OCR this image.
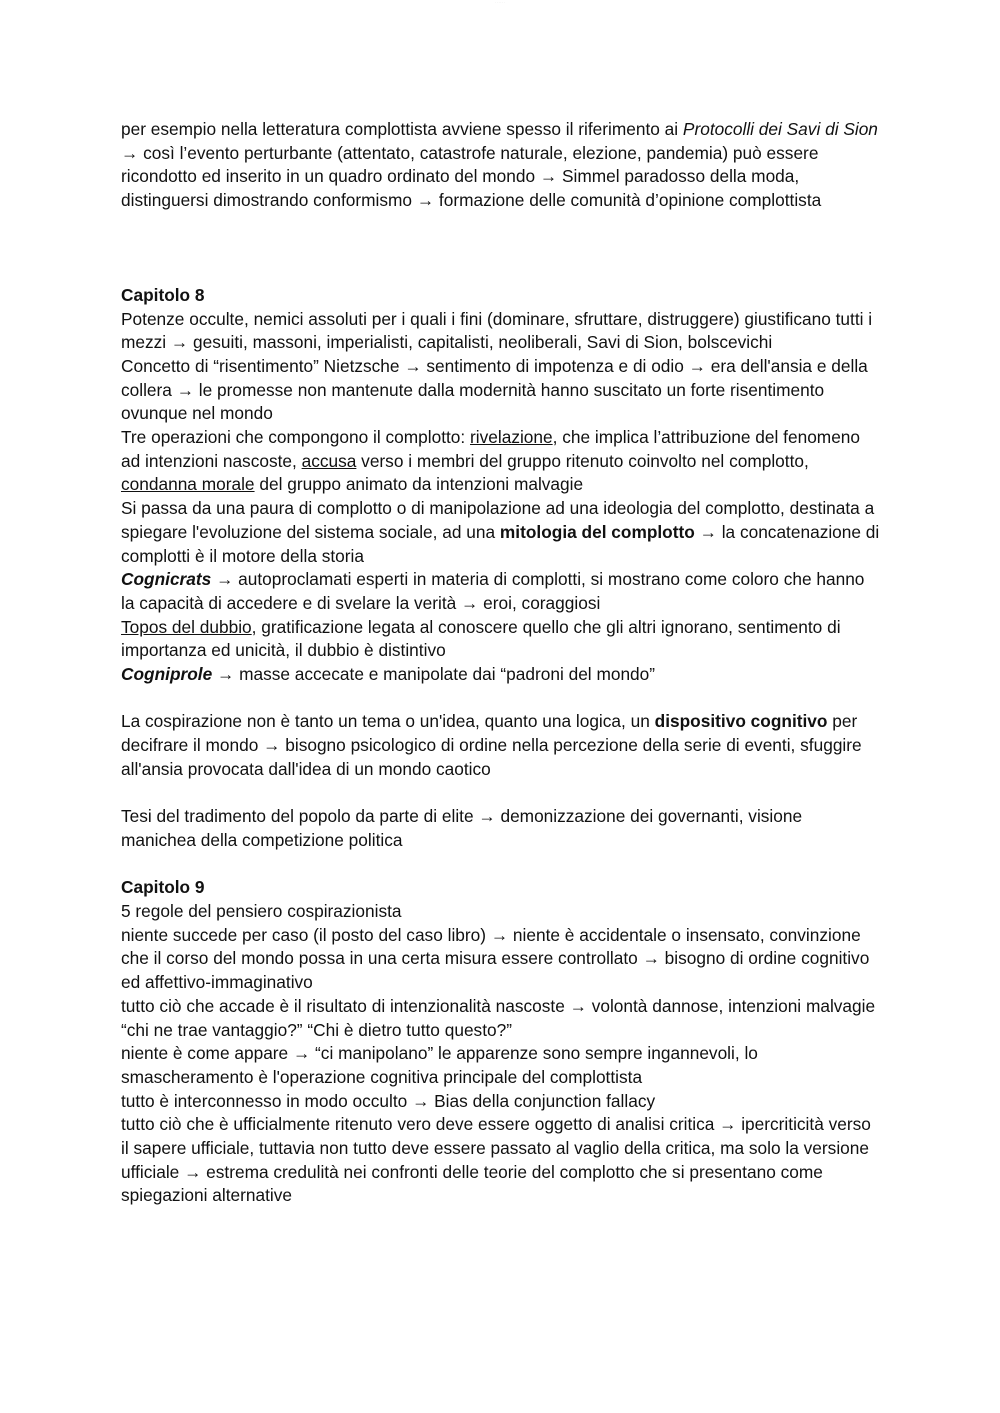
· · · · · ·

per esempio nella letteratura complottista avviene spesso il riferimento ai Protocolli dei Savi di Sion → così l’evento perturbante (attentato, catastrofe naturale, elezione, pandemia) può essere ricondotto ed inserito in un quadro ordinato del mondo → Simmel paradosso della moda, distinguersi dimostrando conformismo → formazione delle comunità d’opinione complottista

Capitolo 8

Potenze occulte, nemici assoluti per i quali i fini (dominare, sfruttare, distruggere) giustificano tutti i mezzi → gesuiti, massoni, imperialisti, capitalisti, neoliberali, Savi di Sion, bolscevichi

Concetto di “risentimento” Nietzsche → sentimento di impotenza e di odio → era dell'ansia e della collera → le promesse non mantenute dalla modernità hanno suscitato un forte risentimento ovunque nel mondo

Tre operazioni che compongono il complotto: rivelazione, che implica l’attribuzione del fenomeno ad intenzioni nascoste, accusa verso i membri del gruppo ritenuto coinvolto nel complotto, condanna morale del gruppo animato da intenzioni malvagie

Si passa da una paura di complotto o di manipolazione ad una ideologia del complotto, destinata a spiegare l'evoluzione del sistema sociale, ad una mitologia del complotto → la concatenazione di complotti è il motore della storia

Cognicrats → autoproclamati esperti in materia di complotti, si mostrano come coloro che hanno la capacità di accedere e di svelare la verità → eroi, coraggiosi

Topos del dubbio, gratificazione legata al conoscere quello che gli altri ignorano, sentimento di importanza ed unicità, il dubbio è distintivo

Cogniprole → masse accecate e manipolate dai “padroni del mondo”

La cospirazione non è tanto un tema o un'idea, quanto una logica, un dispositivo cognitivo per decifrare il mondo → bisogno psicologico di ordine nella percezione della serie di eventi, sfuggire all'ansia provocata dall'idea di un mondo caotico

Tesi del tradimento del popolo da parte di elite → demonizzazione dei governanti, visione manichea della competizione politica

Capitolo 9

5 regole del pensiero cospirazionista

niente succede per caso (il posto del caso libro) → niente è accidentale o insensato, convinzione che il corso del mondo possa in una certa misura essere controllato → bisogno di ordine cognitivo ed affettivo-immaginativo

tutto ciò che accade è il risultato di intenzionalità nascoste → volontà dannose, intenzioni malvagie “chi ne trae vantaggio?” “Chi è dietro tutto questo?”

niente è come appare → “ci manipolano” le apparenze sono sempre ingannevoli, lo smascheramento è l'operazione cognitiva principale del complottista

tutto è interconnesso in modo occulto → Bias della conjunction fallacy

tutto ciò che è ufficialmente ritenuto vero deve essere oggetto di analisi critica → ipercriticità verso il sapere ufficiale, tuttavia non tutto deve essere passato al vaglio della critica, ma solo la versione ufficiale → estrema credulità nei confronti delle teorie del complotto che si presentano come spiegazioni alternative
